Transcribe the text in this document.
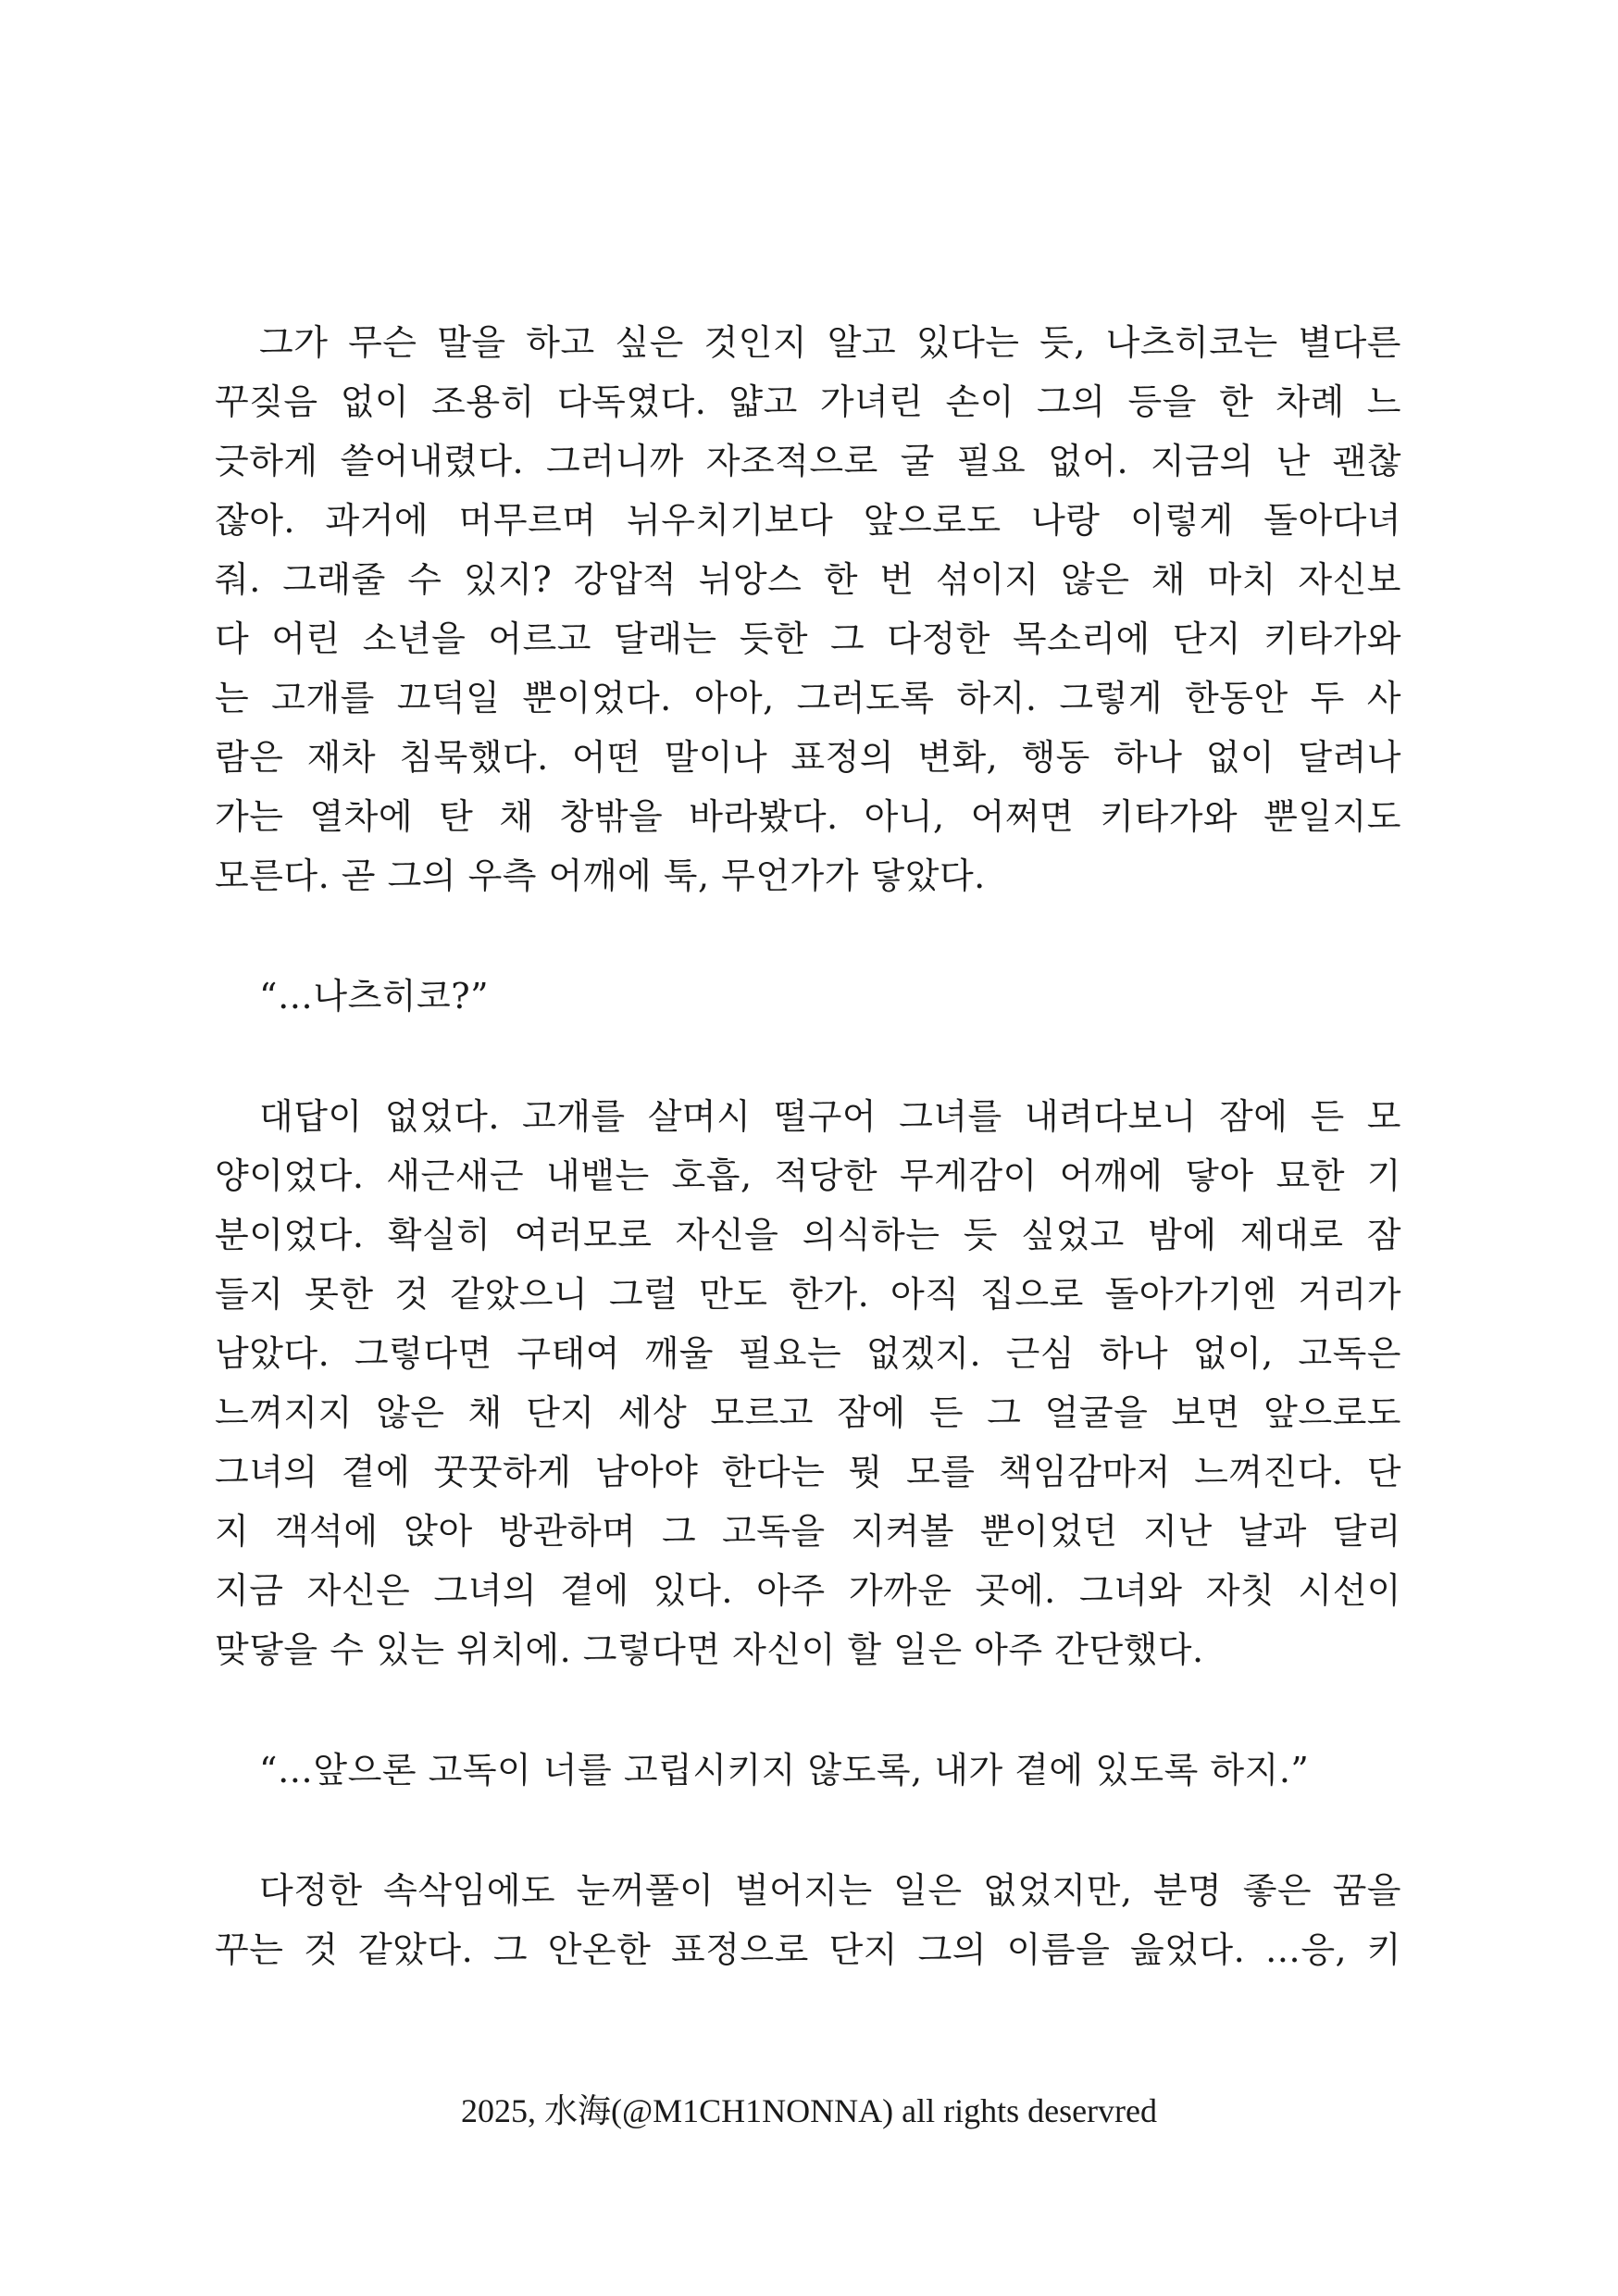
그가 무슨 말을 하고 싶은 것인지 알고 있다는 듯, 나츠히코는 별다른
꾸짖음 없이 조용히 다독였다. 얇고 가녀린 손이 그의 등을 한 차례 느
긋하게 쓸어내렸다. 그러니까 자조적으로 굴 필요 없어. 지금의 난 괜찮
잖아. 과거에 머무르며 뉘우치기보다 앞으로도 나랑 이렇게 돌아다녀
줘. 그래줄 수 있지? 강압적 뉘앙스 한 번 섞이지 않은 채 마치 자신보
다 어린 소년을 어르고 달래는 듯한 그 다정한 목소리에 단지 키타가와
는 고개를 끄덕일 뿐이었다. 아아, 그러도록 하지. 그렇게 한동안 두 사
람은 재차 침묵했다. 어떤 말이나 표정의 변화, 행동 하나 없이 달려나
가는 열차에 탄 채 창밖을 바라봤다. 아니, 어쩌면 키타가와 뿐일지도
모른다. 곧 그의 우측 어깨에 툭, 무언가가 닿았다.
“…나츠히코?”
대답이 없었다. 고개를 살며시 떨구어 그녀를 내려다보니 잠에 든 모
양이었다. 새근새근 내뱉는 호흡, 적당한 무게감이 어깨에 닿아 묘한 기
분이었다. 확실히 여러모로 자신을 의식하는 듯 싶었고 밤에 제대로 잠
들지 못한 것 같았으니 그럴 만도 한가. 아직 집으로 돌아가기엔 거리가
남았다. 그렇다면 구태여 깨울 필요는 없겠지. 근심 하나 없이, 고독은
느껴지지 않은 채 단지 세상 모르고 잠에 든 그 얼굴을 보면 앞으로도
그녀의 곁에 꿋꿋하게 남아야 한다는 뭣 모를 책임감마저 느껴진다. 단
지 객석에 앉아 방관하며 그 고독을 지켜볼 뿐이었던 지난 날과 달리
지금 자신은 그녀의 곁에 있다. 아주 가까운 곳에. 그녀와 자칫 시선이
맞닿을 수 있는 위치에. 그렇다면 자신이 할 일은 아주 간단했다.
“…앞으론 고독이 너를 고립시키지 않도록, 내가 곁에 있도록 하지.”
다정한 속삭임에도 눈꺼풀이 벌어지는 일은 없었지만, 분명 좋은 꿈을
꾸는 것 같았다. 그 안온한 표정으로 단지 그의 이름을 읊었다. …응, 키
2025, 水海(@M1CH1NONNA) all rights deservred
